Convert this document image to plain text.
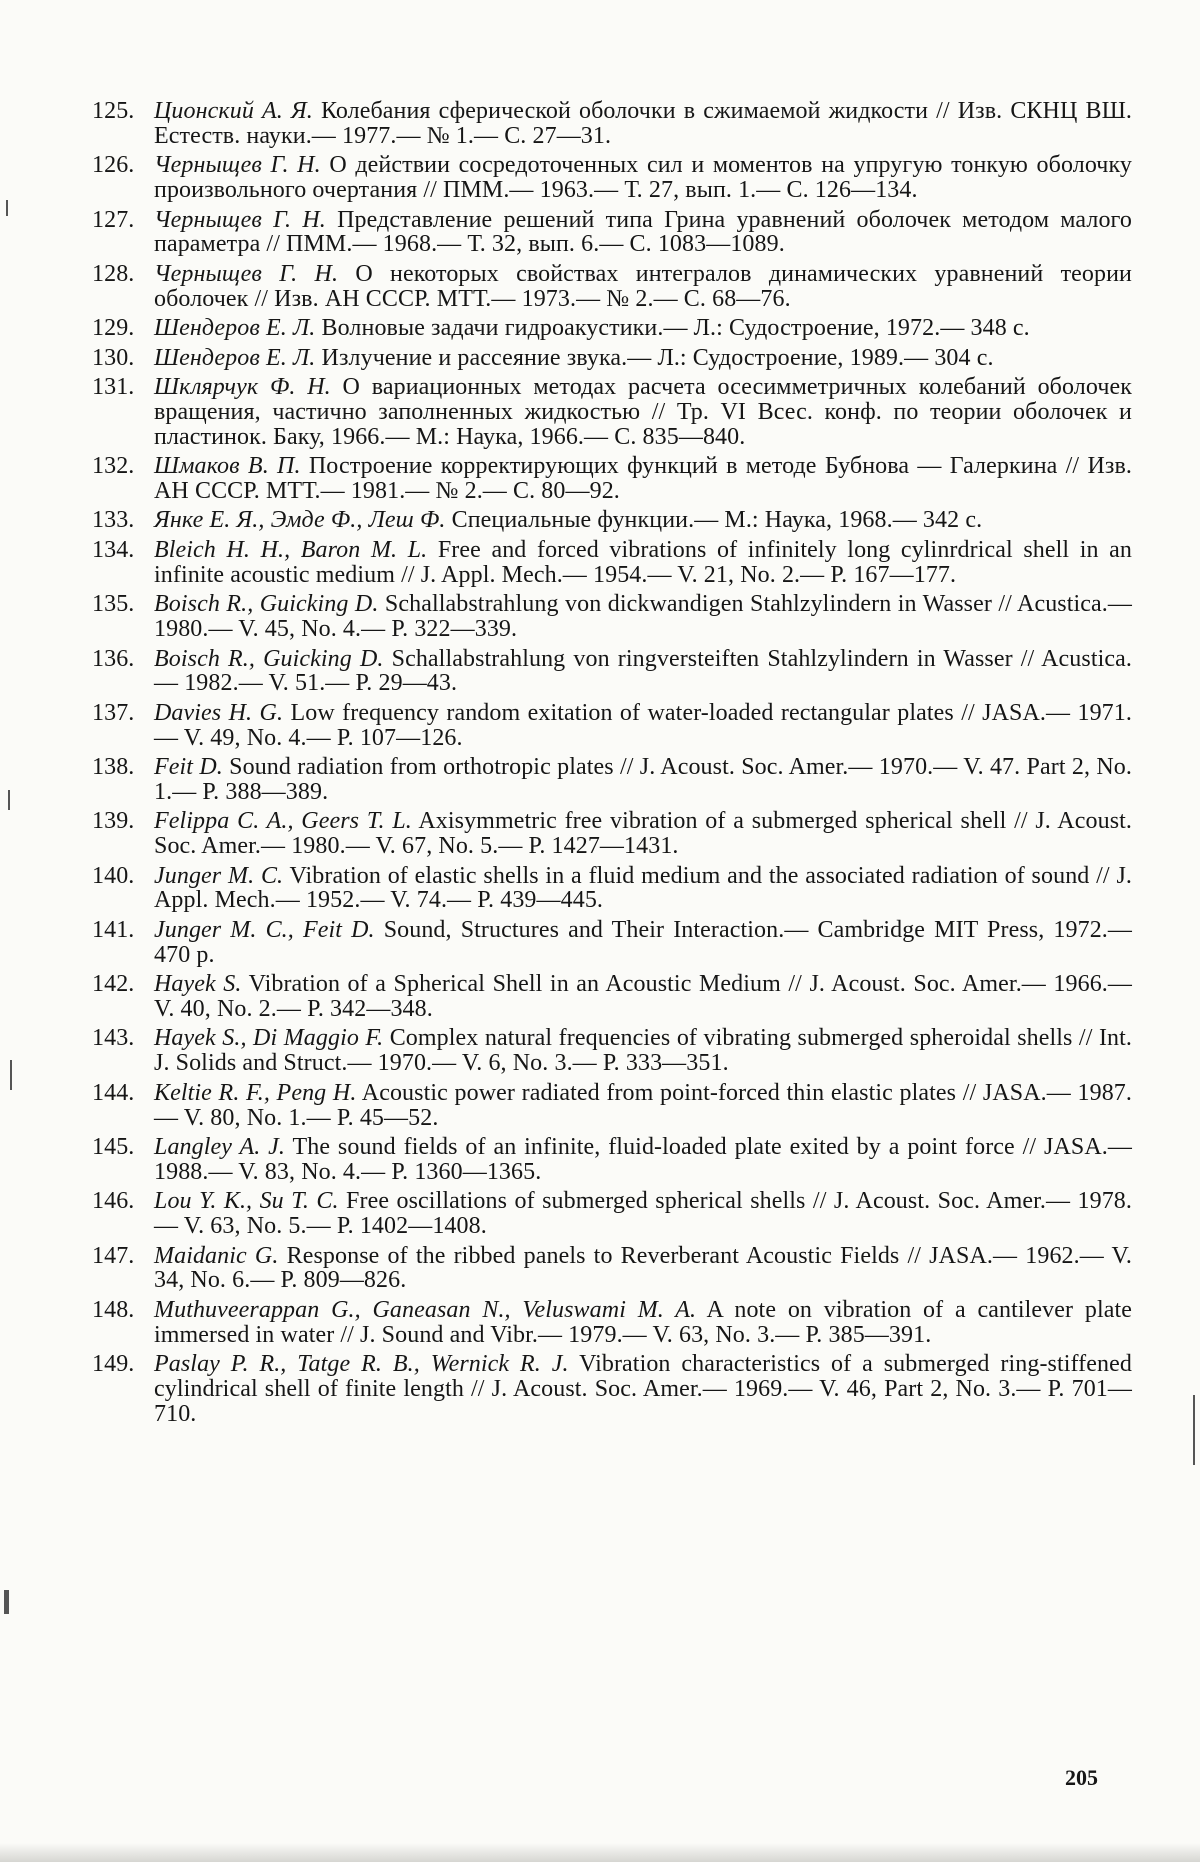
125. Ционский А. Я. Колебания сферической оболочки в сжимаемой жидкости // Изв. СКНЦ ВШ. Естеств. науки.— 1977.— № 1.— С. 27—31.
126. Черныщев Г. Н. О действии сосредоточенных сил и моментов на упругую тонкую оболочку произвольного очертания // ПММ.— 1963.— Т. 27, вып. 1.— С. 126—134.
127. Черныщев Г. Н. Представление решений типа Грина уравнений оболочек методом малого параметра // ПММ.— 1968.— Т. 32, вып. 6.— С. 1083—1089.
128. Черныщев Г. Н. О некоторых свойствах интегралов динамических уравнений теории оболочек // Изв. АН СССР. МТТ.— 1973.— № 2.— С. 68—76.
129. Шендеров Е. Л. Волновые задачи гидроакустики.— Л.: Судостроение, 1972.— 348 с.
130. Шендеров Е. Л. Излучение и рассеяние звука.— Л.: Судостроение, 1989.— 304 с.
131. Шклярчук Ф. Н. О вариационных методах расчета осесимметричных колебаний оболочек вращения, частично заполненных жидкостью // Тр. VI Всес. конф. по теории оболочек и пластинок. Баку, 1966.— М.: Наука, 1966.— С. 835—840.
132. Шмаков В. П. Построение корректирующих функций в методе Бубнова — Галеркина // Изв. АН СССР. МТТ.— 1981.— № 2.— С. 80—92.
133. Янке Е. Я., Эмде Ф., Леш Ф. Специальные функции.— М.: Наука, 1968.— 342 с.
134. Bleich H. H., Baron M. L. Free and forced vibrations of infinitely long cylinrdrical shell in an infinite acoustic medium // J. Appl. Mech.— 1954.— V. 21, No. 2.— P. 167—177.
135. Boisch R., Guicking D. Schallabstrahlung von dickwandigen Stahlzylindern in Wasser // Acustica.— 1980.— V. 45, No. 4.— P. 322—339.
136. Boisch R., Guicking D. Schallabstrahlung von ringversteiften Stahlzylindern in Wasser // Acustica.— 1982.— V. 51.— P. 29—43.
137. Davies H. G. Low frequency random exitation of water-loaded rectangular plates // JASA.— 1971.— V. 49, No. 4.— P. 107—126.
138. Feit D. Sound radiation from orthotropic plates // J. Acoust. Soc. Amer.— 1970.— V. 47. Part 2, No. 1.— P. 388—389.
139. Felippa C. A., Geers T. L. Axisymmetric free vibration of a submerged spherical shell // J. Acoust. Soc. Amer.— 1980.— V. 67, No. 5.— P. 1427—1431.
140. Junger M. C. Vibration of elastic shells in a fluid medium and the associated radiation of sound // J. Appl. Mech.— 1952.— V. 74.— P. 439—445.
141. Junger M. C., Feit D. Sound, Structures and Their Interaction.— Cambridge MIT Press, 1972.— 470 p.
142. Hayek S. Vibration of a Spherical Shell in an Acoustic Medium // J. Acoust. Soc. Amer.— 1966.— V. 40, No. 2.— P. 342—348.
143. Hayek S., Di Maggio F. Complex natural frequencies of vibrating submerged spheroidal shells // Int. J. Solids and Struct.— 1970.— V. 6, No. 3.— P. 333—351.
144. Keltie R. F., Peng H. Acoustic power radiated from point-forced thin elastic plates // JASA.— 1987.— V. 80, No. 1.— P. 45—52.
145. Langley A. J. The sound fields of an infinite, fluid-loaded plate exited by a point force // JASA.— 1988.— V. 83, No. 4.— P. 1360—1365.
146. Lou Y. K., Su T. C. Free oscillations of submerged spherical shells // J. Acoust. Soc. Amer.— 1978.— V. 63, No. 5.— P. 1402—1408.
147. Maidanic G. Response of the ribbed panels to Reverberant Acoustic Fields // JASA.— 1962.— V. 34, No. 6.— P. 809—826.
148. Muthuveerappan G., Ganeasan N., Veluswami M. A. A note on vibration of a cantilever plate immersed in water // J. Sound and Vibr.— 1979.— V. 63, No. 3.— P. 385—391.
149. Paslay P. R., Tatge R. B., Wernick R. J. Vibration characteristics of a submerged ring-stiffened cylindrical shell of finite length // J. Acoust. Soc. Amer.— 1969.— V. 46, Part 2, No. 3.— P. 701—710.
205
